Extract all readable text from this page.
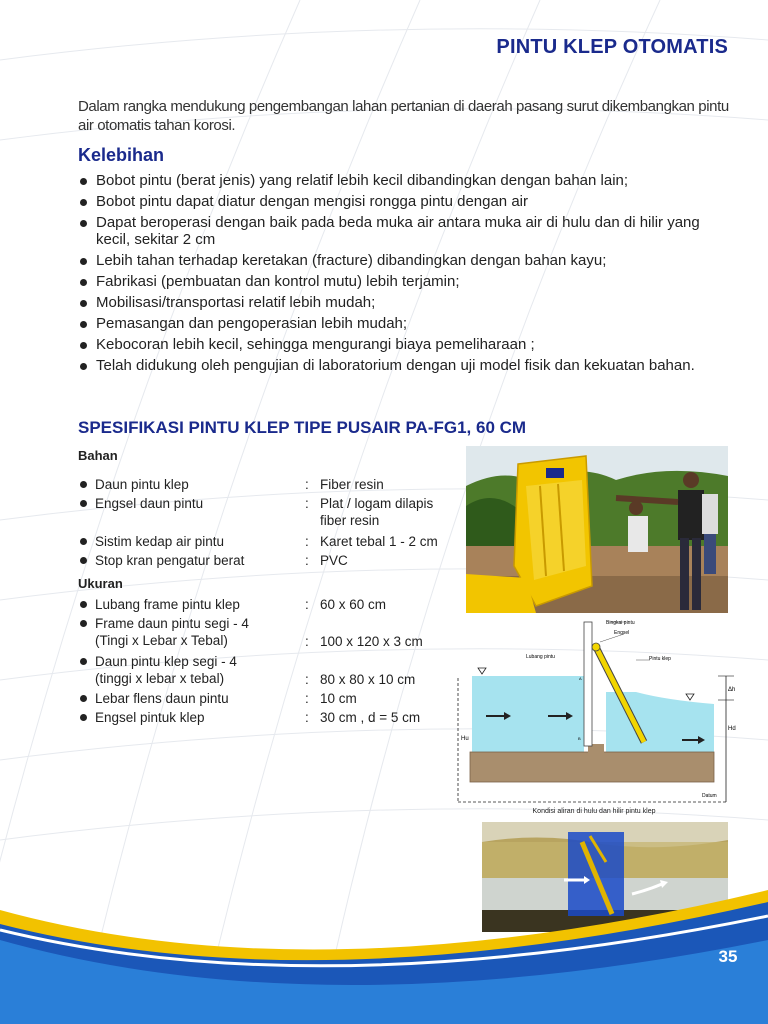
PINTU KLEP OTOMATIS
Dalam rangka mendukung pengembangan lahan pertanian di daerah pasang surut dikembangkan pintu air otomatis tahan korosi.
Kelebihan
Bobot pintu (berat jenis) yang relatif lebih kecil dibandingkan dengan bahan lain;
Bobot pintu dapat diatur dengan mengisi rongga pintu dengan air
Dapat beroperasi dengan baik pada beda muka air antara muka air di hulu dan di hilir yang kecil, sekitar 2 cm
Lebih tahan terhadap keretakan (fracture) dibandingkan dengan bahan kayu;
Fabrikasi (pembuatan dan kontrol mutu) lebih terjamin;
Mobilisasi/transportasi relatif lebih mudah;
Pemasangan dan pengoperasian lebih mudah;
Kebocoran lebih kecil, sehingga mengurangi biaya pemeliharaan ;
Telah didukung oleh pengujian di laboratorium dengan uji model fisik dan kekuatan bahan.
SPESIFIKASI PINTU KLEP TIPE PUSAIR PA-FG1, 60 CM
Bahan
Daun pintu klep	: Fiber resin
Engsel daun pintu	: Plat / logam dilapis fiber resin
Sistim kedap air pintu	: Karet tebal 1 - 2 cm
Stop kran pengatur berat	: PVC
Ukuran
Lubang frame pintu klep	: 60 x 60 cm
Frame daun pintu segi - 4 (Tingi x Lebar x Tebal)	: 100 x 120 x 3 cm
Daun pintu klep segi - 4 (tinggi x lebar x tebal)	: 80 x 80 x 10 cm
Lebar flens daun pintu	: 10 cm
Engsel pintuk klep	: 30 cm , d = 5 cm
Bingkai pintu
Engsel
Lubang pintu	Pintu klep
Hu
Hd
Δh
Datum
A
B
Kondisi aliran di hulu dan hilir pintu klep
35
